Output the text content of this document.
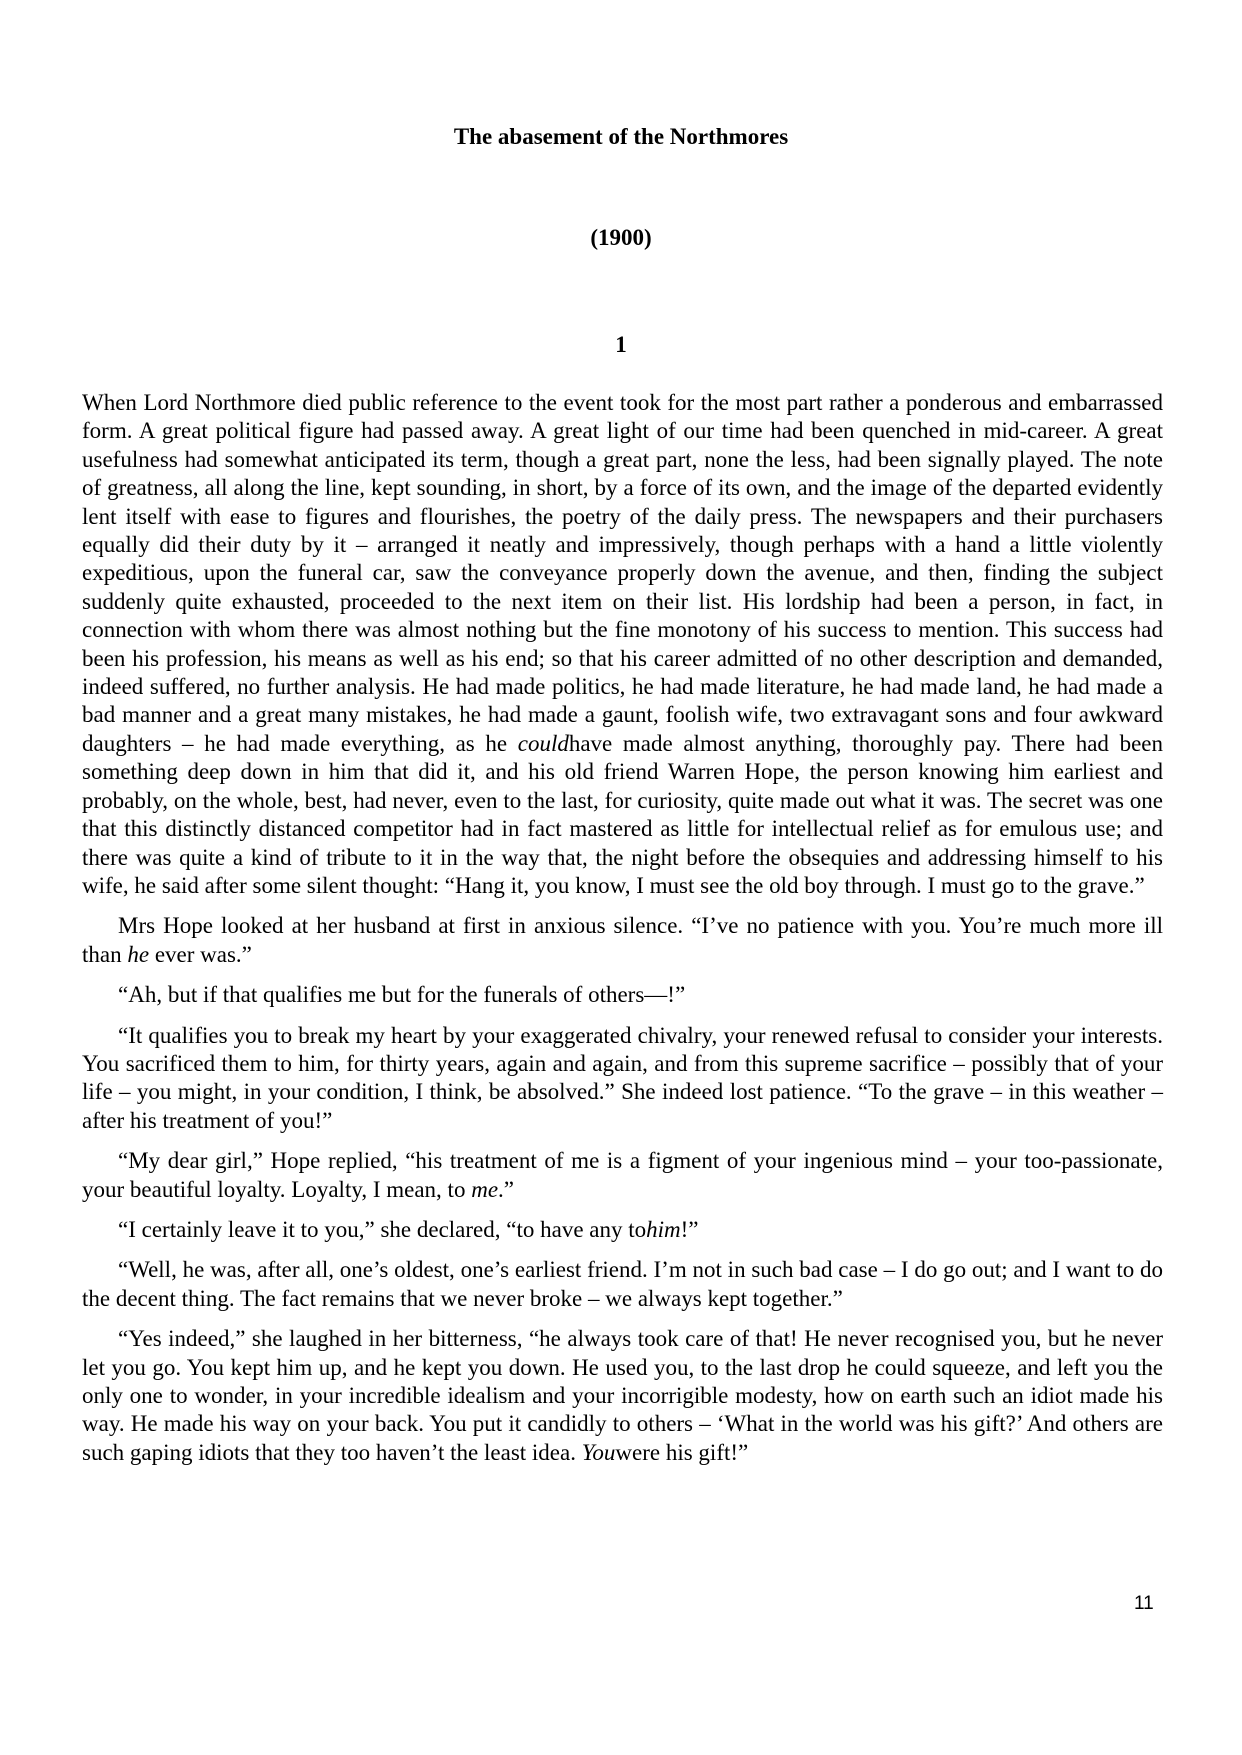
The abasement of the Northmores
(1900)
1

When Lord Northmore died public reference to the event took for the most part rather a ponderous and embarrassed form. A great political figure had passed away. A great light of our time had been quenched in mid-career. A great usefulness had somewhat anticipated its term, though a great part, none the less, had been signally played. The note of greatness, all along the line, kept sounding, in short, by a force of its own, and the image of the departed evidently lent itself with ease to figures and flourishes, the poetry of the daily press. The newspapers and their purchasers equally did their duty by it – arranged it neatly and impressively, though perhaps with a hand a little violently expeditious, upon the funeral car, saw the conveyance properly down the avenue, and then, finding the subject suddenly quite exhausted, proceeded to the next item on their list. His lordship had been a person, in fact, in connection with whom there was almost nothing but the fine monotony of his success to mention. This success had been his profession, his means as well as his end; so that his career admitted of no other description and demanded, indeed suffered, no further analysis. He had made politics, he had made literature, he had made land, he had made a bad manner and a great many mistakes, he had made a gaunt, foolish wife, two extravagant sons and four awkward daughters – he had made everything, as he couldhave made almost anything, thoroughly pay. There had been something deep down in him that did it, and his old friend Warren Hope, the person knowing him earliest and probably, on the whole, best, had never, even to the last, for curiosity, quite made out what it was. The secret was one that this distinctly distanced competitor had in fact mastered as little for intellectual relief as for emulous use; and there was quite a kind of tribute to it in the way that, the night before the obsequies and addressing himself to his wife, he said after some silent thought: “Hang it, you know, I must see the old boy through. I must go to the grave.”

Mrs Hope looked at her husband at first in anxious silence. “I’ve no patience with you. You’re much more ill than he ever was.”

“Ah, but if that qualifies me but for the funerals of others—!”

“It qualifies you to break my heart by your exaggerated chivalry, your renewed refusal to consider your interests. You sacrificed them to him, for thirty years, again and again, and from this supreme sacrifice – possibly that of your life – you might, in your condition, I think, be absolved.” She indeed lost patience. “To the grave – in this weather – after his treatment of you!”

“My dear girl,” Hope replied, “his treatment of me is a figment of your ingenious mind – your too-passionate, your beautiful loyalty. Loyalty, I mean, to me.”

“I certainly leave it to you,” she declared, “to have any tohim!”

“Well, he was, after all, one’s oldest, one’s earliest friend. I’m not in such bad case – I do go out; and I want to do the decent thing. The fact remains that we never broke – we always kept together.”

“Yes indeed,” she laughed in her bitterness, “he always took care of that! He never recognised you, but he never let you go. You kept him up, and he kept you down. He used you, to the last drop he could squeeze, and left you the only one to wonder, in your incredible idealism and your incorrigible modesty, how on earth such an idiot made his way. He made his way on your back. You put it candidly to others – ‘What in the world was his gift?’ And others are such gaping idiots that they too haven’t the least idea. Youwere his gift!”

11
